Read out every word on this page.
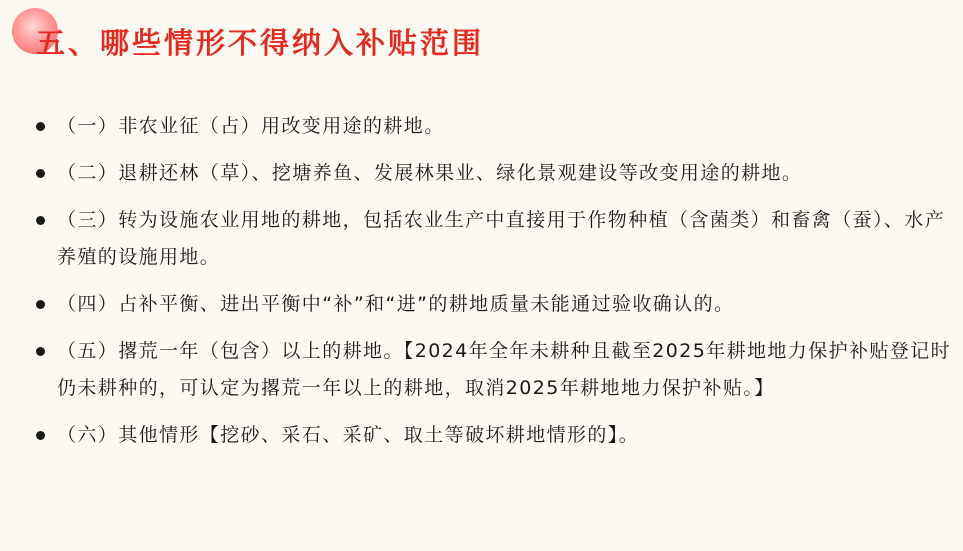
五、哪些情形不得纳入补贴范围
（一）非农业征（占）用改变用途的耕地。
（二）退耕还林（草）、挖塘养鱼、发展林果业、绿化景观建设等改变用途的耕地。
（三）转为设施农业用地的耕地，包括农业生产中直接用于作物种植（含菌类）和畜禽（蚕）、水产养殖的设施用地。
（四）占补平衡、进出平衡中“补”和“进”的耕地质量未能通过验收确认的。
（五）撂荒一年（包含）以上的耕地。【2024年全年未耕种且截至2025年耕地地力保护补贴登记时仍未耕种的，可认定为撂荒一年以上的耕地，取消2025年耕地地力保护补贴。】
（六）其他情形【挖砂、采石、采矿、取土等破坏耕地情形的】。
